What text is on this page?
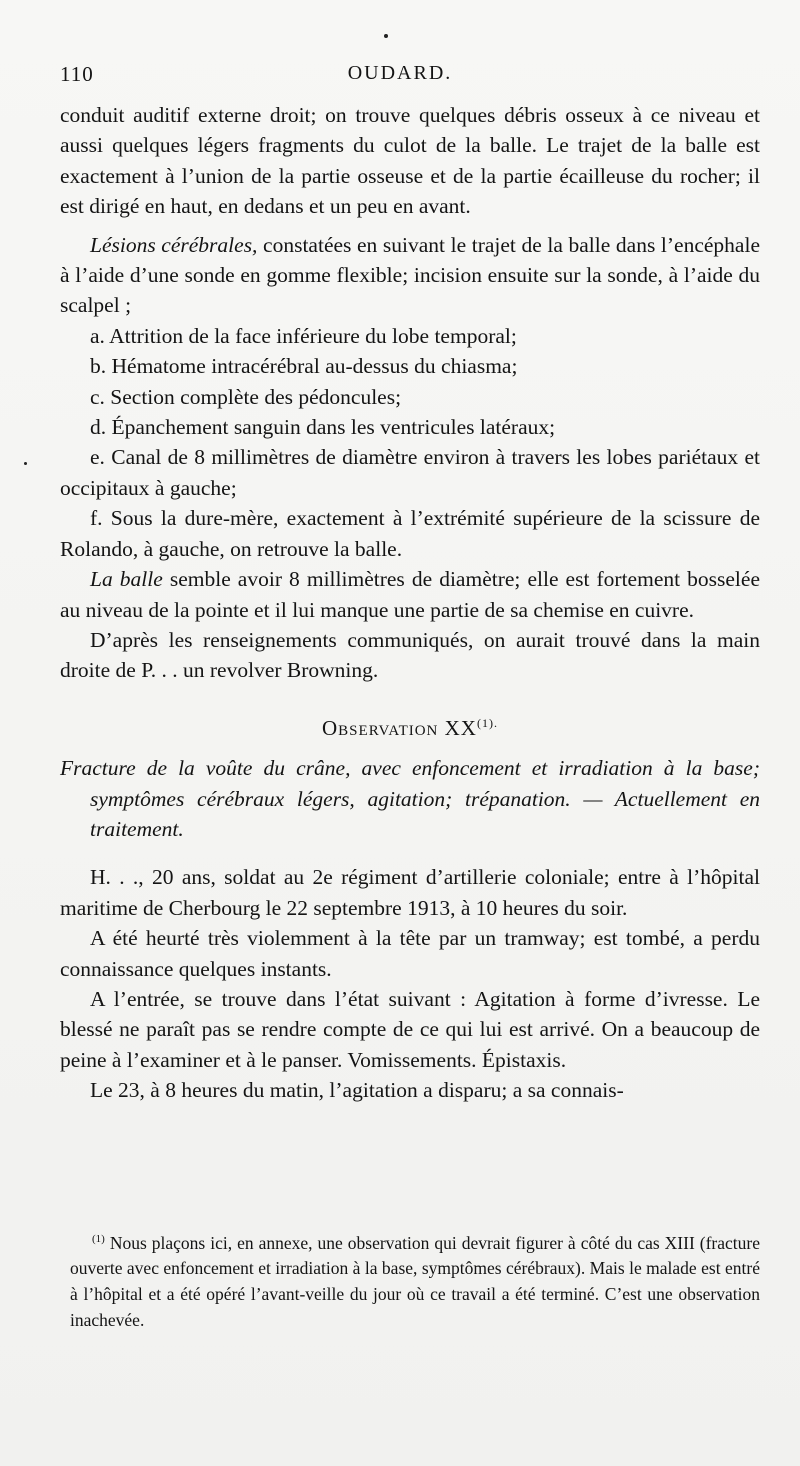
110	OUDARD.

conduit auditif externe droit; on trouve quelques débris osseux à ce niveau et aussi quelques légers fragments du culot de la balle. Le trajet de la balle est exactement à l’union de la partie osseuse et de la partie écailleuse du rocher; il est dirigé en haut, en dedans et un peu en avant.

Lésions cérébrales, constatées en suivant le trajet de la balle dans l’encéphale à l’aide d’une sonde en gomme flexible; incision ensuite sur la sonde, à l’aide du scalpel ;

a. Attrition de la face inférieure du lobe temporal;

b. Hématome intracérébral au-dessus du chiasma;

c. Section complète des pédoncules;

d. Épanchement sanguin dans les ventricules latéraux;

e. Canal de 8 millimètres de diamètre environ à travers les lobes pariétaux et occipitaux à gauche;

f. Sous la dure-mère, exactement à l’extrémité supérieure de la scissure de Rolando, à gauche, on retrouve la balle.

La balle semble avoir 8 millimètres de diamètre; elle est fortement bosselée au niveau de la pointe et il lui manque une partie de sa chemise en cuivre.

D’après les renseignements communiqués, on aurait trouvé dans la main droite de P. . . un revolver Browning.

Observation $XX^{(1).}$

Fracture de la voûte du crâne, avec enfoncement et irradiation à la base; symptômes cérébraux légers, agitation; trépanation. — Actuellement en traitement.

H. . ., 20 ans, soldat au 2e régiment d’artillerie coloniale; entre à l’hôpital maritime de Cherbourg le 22 septembre 1913, à 10 heures du soir.

A été heurté très violemment à la tête par un tramway; est tombé, a perdu connaissance quelques instants.

A l’entrée, se trouve dans l’état suivant : Agitation à forme d’ivresse. Le blessé ne paraît pas se rendre compte de ce qui lui est arrivé. On a beaucoup de peine à l’examiner et à le panser. Vomissements. Épistaxis.

Le 23, à 8 heures du matin, l’agitation a disparu; a sa connais-

$^{(1)}$ Nous plaçons ici, en annexe, une observation qui devrait figurer à côté du cas XIII (fracture ouverte avec enfoncement et irradiation à la base, symptômes cérébraux). Mais le malade est entré à l’hôpital et a été opéré l’avant-veille du jour où ce travail a été terminé. C’est une observation inachevée.
